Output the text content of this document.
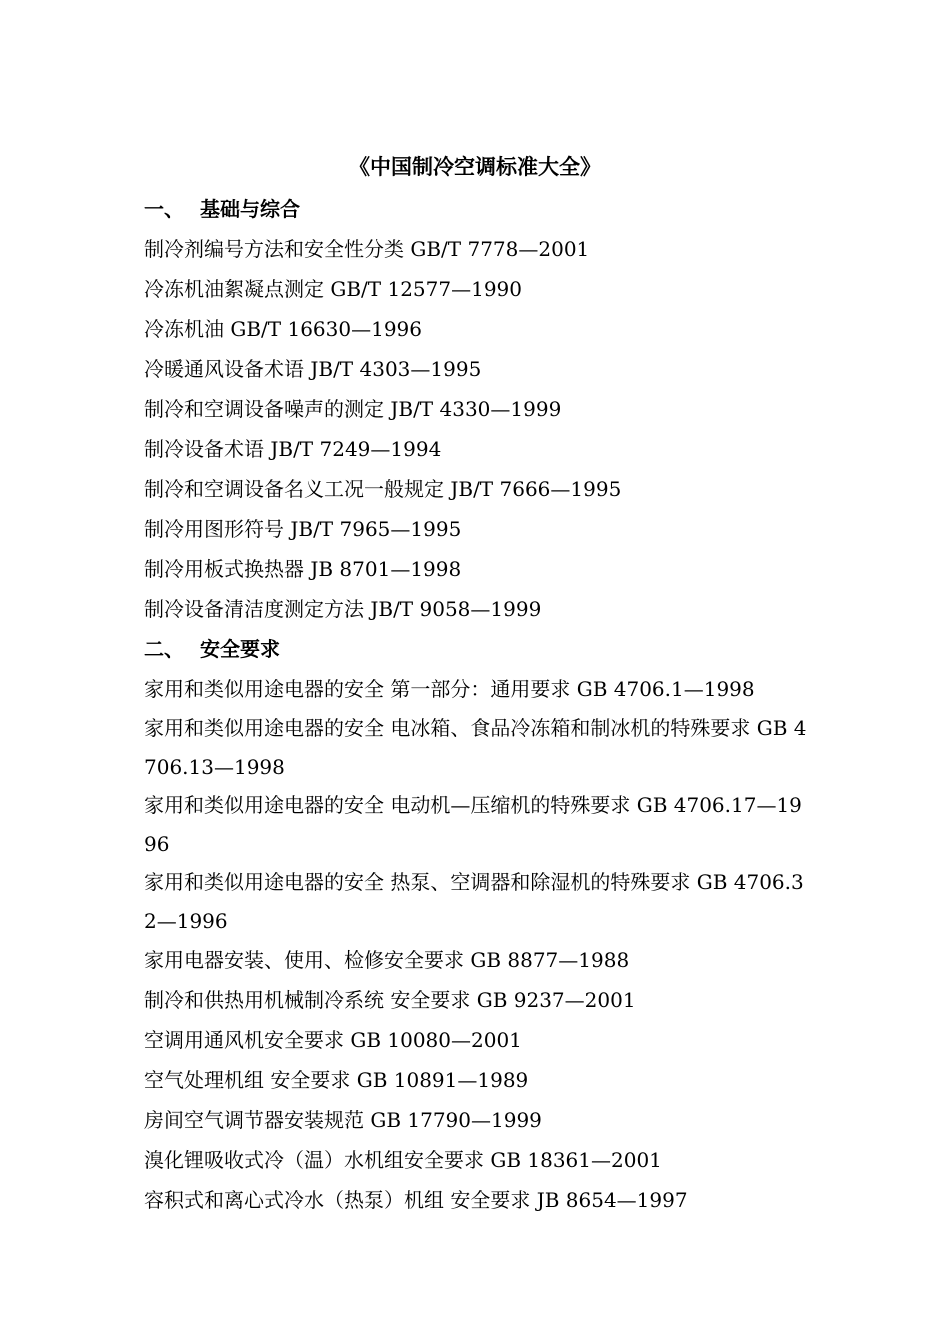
《中国制冷空调标准大全》
一、 基础与综合
制冷剂编号方法和安全性分类 GB/T 7778—2001
冷冻机油絮凝点测定 GB/T 12577—1990
冷冻机油 GB/T 16630—1996
冷暖通风设备术语 JB/T 4303—1995
制冷和空调设备噪声的测定 JB/T 4330—1999
制冷设备术语 JB/T 7249—1994
制冷和空调设备名义工况一般规定 JB/T 7666—1995
制冷用图形符号 JB/T 7965—1995
制冷用板式换热器 JB 8701—1998
制冷设备清洁度测定方法 JB/T 9058—1999
二、 安全要求
家用和类似用途电器的安全 第一部分：通用要求 GB 4706.1—1998
家用和类似用途电器的安全 电冰箱、食品冷冻箱和制冰机的特殊要求 GB 4706.13—1998
家用和类似用途电器的安全 电动机—压缩机的特殊要求 GB 4706.17—1996
家用和类似用途电器的安全 热泵、空调器和除湿机的特殊要求 GB 4706.32—1996
家用电器安装、使用、检修安全要求 GB 8877—1988
制冷和供热用机械制冷系统 安全要求 GB 9237—2001
空调用通风机安全要求 GB 10080—2001
空气处理机组 安全要求 GB 10891—1989
房间空气调节器安装规范 GB 17790—1999
溴化锂吸收式冷（温）水机组安全要求 GB 18361—2001
容积式和离心式冷水（热泵）机组 安全要求 JB 8654—1997
